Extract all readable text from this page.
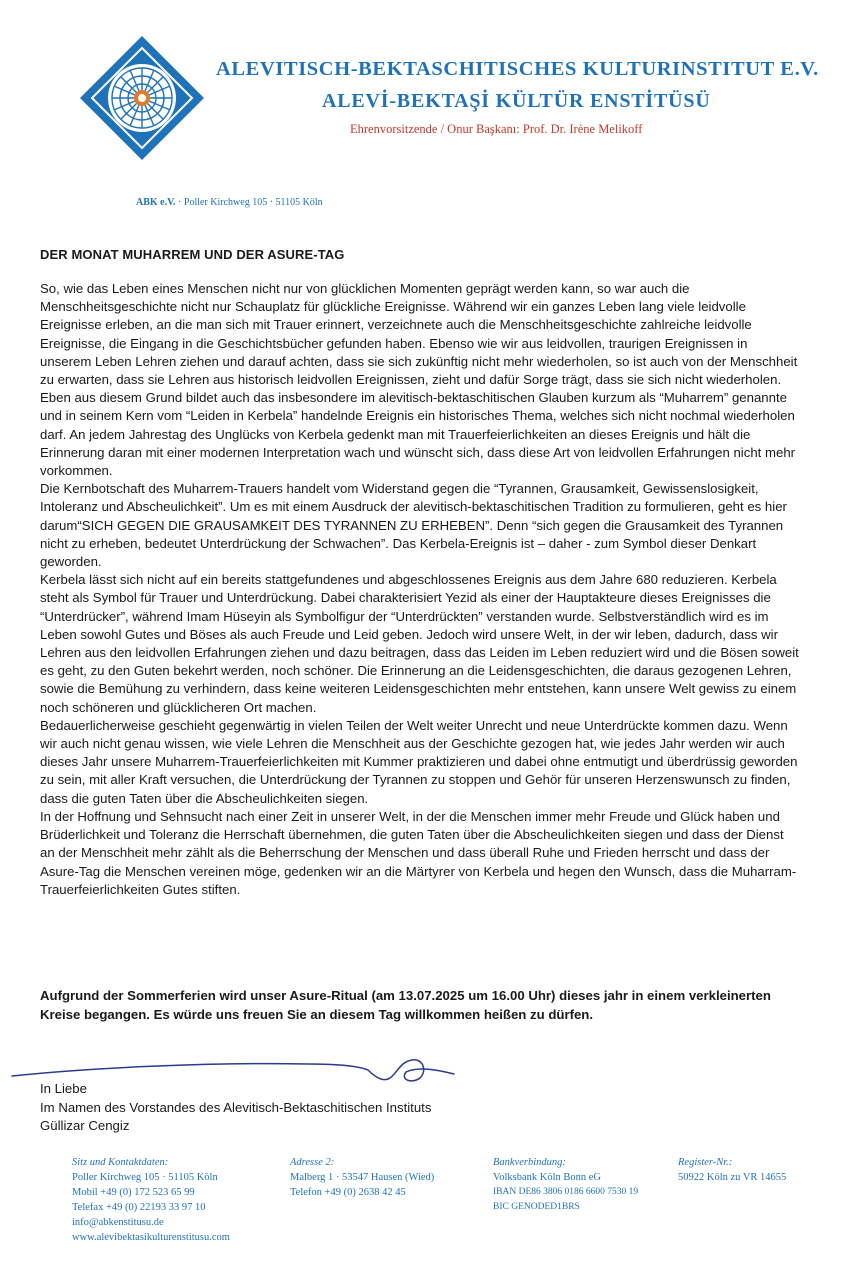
ALEVITISCH-BEKTASCHITISCHES KULTURINSTITUT E.V.
ALEVİ-BEKTAŞİ KÜLTÜR ENSTİTÜSÜ
Ehrenvorsitzende / Onur Başkanı: Prof. Dr. Irène Melikoff
ABK e.V. · Poller Kirchweg 105 · 51105 Köln
DER MONAT MUHARREM UND DER ASURE-TAG

So, wie das Leben eines Menschen nicht nur von glücklichen Momenten geprägt werden kann, so war auch die Menschheitsgeschichte nicht nur Schauplatz für glückliche Ereignisse. Während wir ein ganzes Leben lang viele leidvolle Ereignisse erleben, an die man sich mit Trauer erinnert, verzeichnete auch die Menschheitsgeschichte zahlreiche leidvolle Ereignisse, die Eingang in die Geschichtsbücher gefunden haben. Ebenso wie wir aus leidvollen, traurigen Ereignissen in unserem Leben Lehren ziehen und darauf achten, dass sie sich zukünftig nicht mehr wiederholen, so ist auch von der Menschheit zu erwarten, dass sie Lehren aus historisch leidvollen Ereignissen, zieht und dafür Sorge trägt, dass sie sich nicht wiederholen. Eben aus diesem Grund bildet auch das insbesondere im alevitisch-bektaschitischen Glauben kurzum als “Muharrem” genannte und in seinem Kern vom “Leiden in Kerbela” handelnde Ereignis ein historisches Thema, welches sich nicht nochmal wiederholen darf. An jedem Jahrestag des Unglücks von Kerbela gedenkt man mit Trauerfeierlichkeiten an dieses Ereignis und hält die Erinnerung daran mit einer modernen Interpretation wach und wünscht sich, dass diese Art von leidvollen Erfahrungen nicht mehr vorkommen.

Die Kernbotschaft des Muharrem-Trauers handelt vom Widerstand gegen die “Tyrannen, Grausamkeit, Gewissenslosigkeit, Intoleranz und Abscheulichkeit”. Um es mit einem Ausdruck der alevitisch-bektaschitischen Tradition zu formulieren, geht es hier darum“SICH GEGEN DIE GRAUSAMKEIT DES TYRANNEN ZU ERHEBEN”. Denn “sich gegen die Grausamkeit des Tyrannen nicht zu erheben, bedeutet Unterdrückung der Schwachen”. Das Kerbela-Ereignis ist – daher - zum Symbol dieser Denkart geworden.

Kerbela lässt sich nicht auf ein bereits stattgefundenes und abgeschlossenes Ereignis aus dem Jahre 680 reduzieren. Kerbela steht als Symbol für Trauer und Unterdrückung. Dabei charakterisiert Yezid als einer der Hauptakteure dieses Ereignisses die “Unterdrücker”, während Imam Hüseyin als Symbolfigur der “Unterdrückten” verstanden wurde. Selbstverständlich wird es im Leben sowohl Gutes und Böses als auch Freude und Leid geben. Jedoch wird unsere Welt, in der wir leben, dadurch, dass wir Lehren aus den leidvollen Erfahrungen ziehen und dazu beitragen, dass das Leiden im Leben reduziert wird und die Bösen soweit es geht, zu den Guten bekehrt werden, noch schöner. Die Erinnerung an die Leidensgeschichten, die daraus gezogenen Lehren, sowie die Bemühung zu verhindern, dass keine weiteren Leidensgeschichten mehr entstehen, kann unsere Welt gewiss zu einem noch schöneren und glücklicheren Ort machen.

Bedauerlicherweise geschieht gegenwärtig in vielen Teilen der Welt weiter Unrecht und neue Unterdrückte kommen dazu. Wenn wir auch nicht genau wissen, wie viele Lehren die Menschheit aus der Geschichte gezogen hat, wie jedes Jahr werden wir auch dieses Jahr unsere Muharrem-Trauerfeierlichkeiten mit Kummer praktizieren und dabei ohne entmutigt und überdrüssig geworden zu sein, mit aller Kraft versuchen, die Unterdrückung der Tyrannen zu stoppen und Gehör für unseren Herzenswunsch zu finden, dass die guten Taten über die Abscheulichkeiten siegen.

In der Hoffnung und Sehnsucht nach einer Zeit in unserer Welt, in der die Menschen immer mehr Freude und Glück haben und Brüderlichkeit und Toleranz die Herrschaft übernehmen, die guten Taten über die Abscheulichkeiten siegen und dass der Dienst an der Menschheit mehr zählt als die Beherrschung der Menschen und dass überall Ruhe und Frieden herrscht und dass der Asure-Tag die Menschen vereinen möge, gedenken wir an die Märtyrer von Kerbela und hegen den Wunsch, dass die Muharram-Trauerfeierlichkeiten Gutes stiften.

Aufgrund der Sommerferien wird unser Asure-Ritual (am 13.07.2025 um 16.00 Uhr) dieses jahr in einem verkleinerten Kreise begangen. Es würde uns freuen Sie an diesem Tag willkommen heißen zu dürfen.
In Liebe
Im Namen des Vorstandes des Alevitisch-Bektaschitischen Instituts
Güllizar Cengiz
Sitz und Kontaktdaten:
Poller Kirchweg 105 · 51105 Köln
Mobil +49 (0) 172 523 65 99
Telefax +49 (0) 22193 33 97 10
info@abkenstitusu.de
www.alevibektasikulturenstitusu.com
Adresse 2:
Malberg 1 · 53547 Hausen (Wied)
Telefon +49 (0) 2638 42 45
Bankverbindung:
Volksbank Köln Bonn eG
IBAN DE86 3806 0186 6600 7530 19
BIC GENODED1BRS
Register-Nr.:
50922 Köln zu VR 14655
